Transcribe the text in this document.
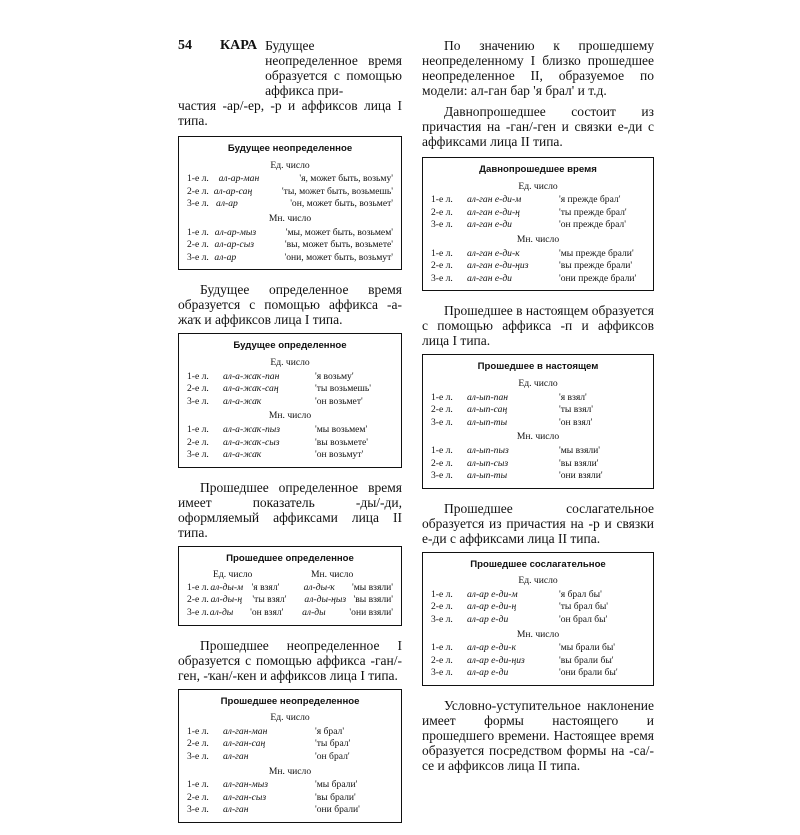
54 КАРА Будущее неопределенное время образуется с помощью аффикса при-
частия -ар/-ер, -р и аффиксов лица I типа.
Будущее неопределенное
Ед. число
1-е л.	ал-ар-ман	'я, может быть, возьму'
2-е л. ал-ар-саң	'ты, может быть, возьмешь'
3-е л. ал-ар	'он, может быть, возьмет'
Мн. число
1-е л. ал-ар-мыз	'мы, может быть, возьмем'
2-е л. ал-ар-сыз	'вы, может быть, возьмете'
3-е л. ал-ар	'они, может быть, возьмут'

Будущее определенное время образуется с помощью аффикса -а-жаҡ и аффиксов лица I типа.

Будущее определенное
Ед. число
1-е л.	ал-а-жаҡ-пан	'я возьму'
2-е л.	ал-а-жаҡ-саң	'ты возьмешь'
3-е л.	ал-а-жаҡ	'он возьмет'
Мн. число
1-е л.	ал-а-жаҡ-пыз	'мы возьмем'
2-е л.	ал-а-жаҡ-сыз	'вы возьмете'
3-е л.	ал-а-жаҡ	'он возьмут'

Прошедшее определенное время имеет показатель -ды/-ди, оформляемый аффиксами лица II типа.

Прошедшее определенное
Ед. число	Мн. число
1-е л. ал-ды-м 'я взял'	ал-ды-ҡ	'мы взяли'
2-е л. ал-ды-ӊ	'ты взял'	ал-ды-ӊыз 'вы взяли'
3-е л. ал-ды	'он взял'	ал-ды	'они взяли'

Прошедшее неопределенное I образуется с помощью аффикса -ган/-ген, -ҡан/-кен и аффиксов лица I типа.

Прошедшее неопределенное
Ед. число
1-е л.	ал-ган-ман	'я брал'
2-е л.	ал-ган-саң	'ты брал'
3-е л.	ал-ган	'он брал'
Мн. число
1-е л.	ал-ган-мыз	'мы брали'
2-е л.	ал-ган-сыз	'вы брали'
3-е л.	ал-ган	'они брали'

По значению к прошедшему неопределенному I близко прошедшее неопределенное II, образуемое по модели: ал-ган бар 'я брал' и т.д.

Давнопрошедшее состоит из причастия на -ган/-ген и связки е-ди с аффиксами лица II типа.

Давнопрошедшее время
Ед. число
1-е л.	ал-ган е-ди-м	'я прежде брал'
2-е л.	ал-ган е-ди-ӊ	'ты прежде брал'
3-е л.	ал-ган е-ди	'он прежде брал'
Мн. число
1-е л.	ал-ган е-ди-к	'мы прежде брали'
2-е л.	ал-ган е-ди-ӊиз	'вы прежде брали'
3-е л.	ал-ган е-ди	'они прежде брали'

Прошедшее в настоящем образуется с помощью аффикса -п и аффиксов лица I типа.

Прошедшее в настоящем
Ед. число
1-е л.	ал-ып-пан	'я взял'
2-е л.	ал-ып-саң	'ты взял'
3-е л.	ал-ып-ты	'он взял'
Мн. число
1-е л.	ал-ып-пыз	'мы взяли'
2-е л.	ал-ып-сыз	'вы взяли'
3-е л.	ал-ып-ты	'они взяли'

Прошедшее сослагательное образуется из причастия на -р и связки е-ди с аффиксами лица II типа.

Прошедшее сослагательное
Ед. число
1-е л.	ал-ар е-ди-м	'я брал бы'
2-е л.	ал-ар е-ди-ӊ	'ты брал бы'
3-е л.	ал-ар е-ди	'он брал бы'
Мн. число
1-е л.	ал-ар е-ди-к	'мы брали бы'
2-е л.	ал-ар е-ди-ӊиз	'вы брали бы'
3-е л.	ал-ар е-ди	'они брали бы'

Условно-уступительное наклонение имеет формы настоящего и прошедшего времени. Настоящее время образуется посредством формы на -са/-се и аффиксов лица II типа.
